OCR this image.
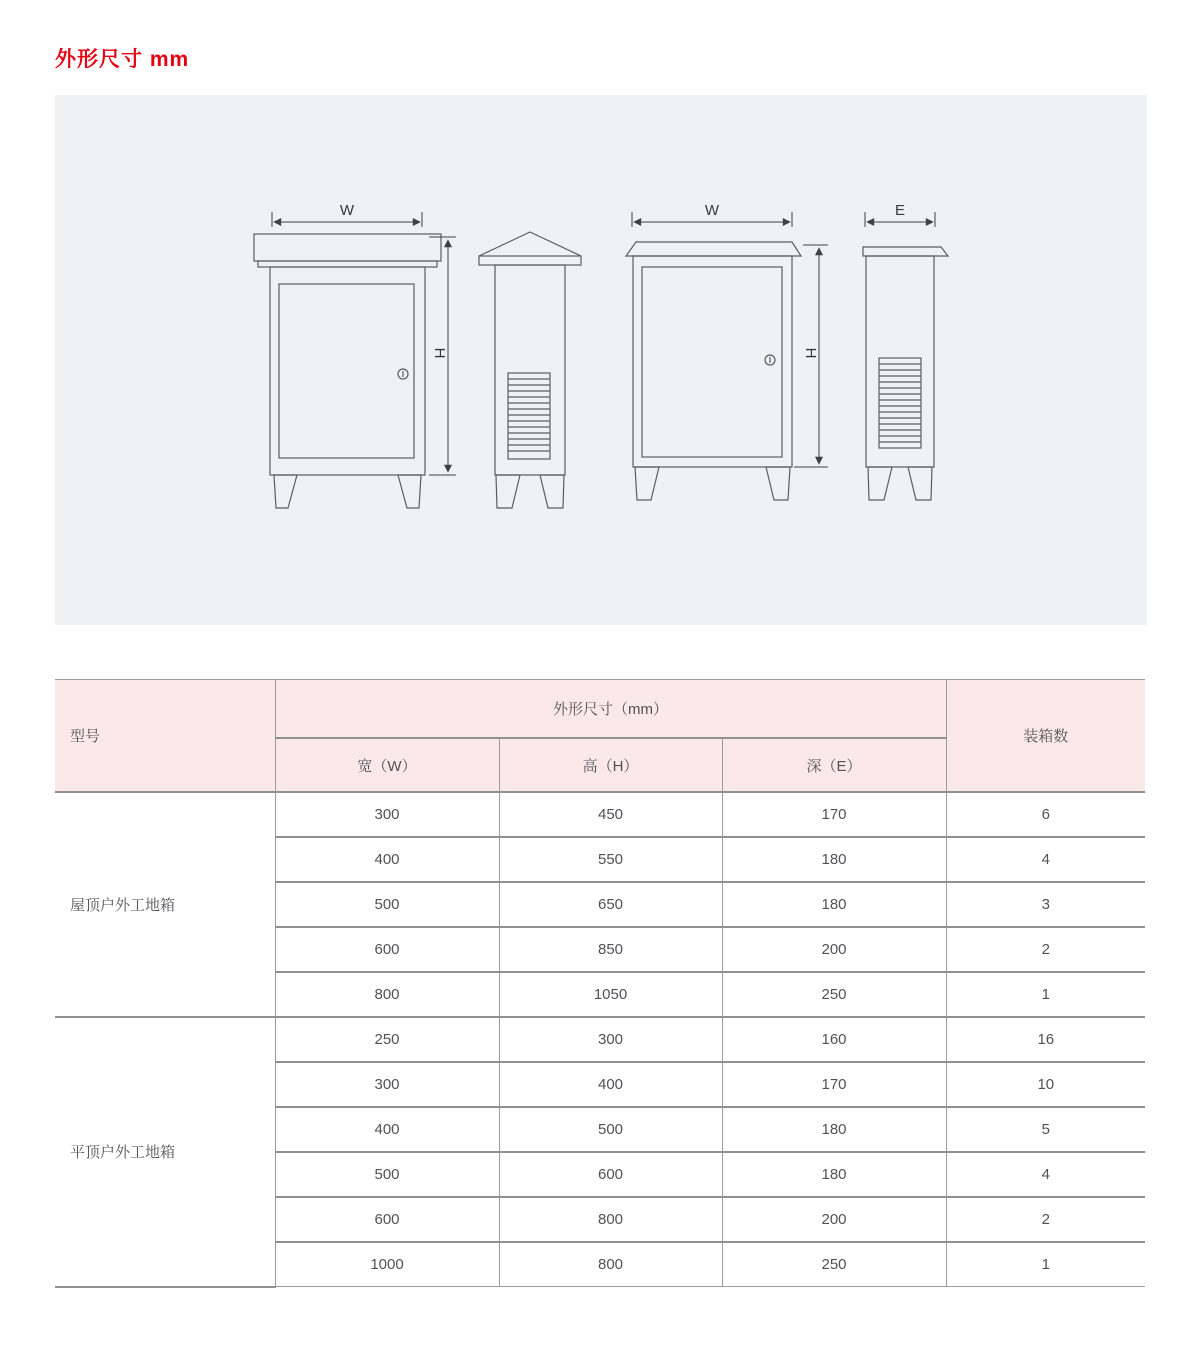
外形尺寸 mm
W
H
W
H
E
型号	外形尺寸（mm）			装箱数
	宽（W）	高（H）	深（E）	
屋顶户外工地箱	300	450	170	6
	400	550	180	4
	500	650	180	3
	600	850	200	2
	800	1050	250	1
平顶户外工地箱	250	300	160	16
	300	400	170	10
	400	500	180	5
	500	600	180	4
	600	800	200	2
	1000	800	250	1
